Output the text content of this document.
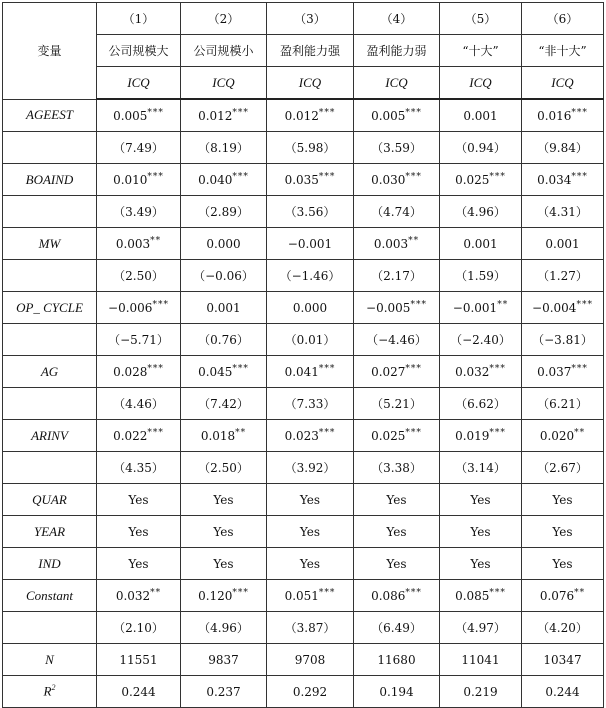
变量	（1）	（2）	（3）	（4）	（5）	（6）
	公司规模大	公司规模小	盈利能力强	盈利能力弱	“十大”	“非十大”
	ICQ	ICQ	ICQ	ICQ	ICQ	ICQ
AGEEST	0.005***	0.012***	0.012***	0.005***	0.001	0.016***
	（7.49）	（8.19）	（5.98）	（3.59）	（0.94）	（9.84）
BOAIND	0.010***	0.040***	0.035***	0.030***	0.025***	0.034***
	（3.49）	（2.89）	（3.56）	（4.74）	（4.96）	（4.31）
MW	0.003**	0.000	−0.001	0.003**	0.001	0.001
	（2.50）	（−0.06）	（−1.46）	（2.17）	（1.59）	（1.27）
OP_ CYCLE	−0.006***	0.001	0.000	−0.005***	−0.001**	−0.004***
	（−5.71）	（0.76）	（0.01）	（−4.46）	（−2.40）	（−3.81）
AG	0.028***	0.045***	0.041***	0.027***	0.032***	0.037***
	（4.46）	（7.42）	（7.33）	（5.21）	（6.62）	（6.21）
ARINV	0.022***	0.018**	0.023***	0.025***	0.019***	0.020**
	（4.35）	（2.50）	（3.92）	（3.38）	（3.14）	（2.67）
QUAR	Yes	Yes	Yes	Yes	Yes	Yes
YEAR	Yes	Yes	Yes	Yes	Yes	Yes
IND	Yes	Yes	Yes	Yes	Yes	Yes
Constant	0.032**	0.120***	0.051***	0.086***	0.085***	0.076**
	（2.10）	（4.96）	（3.87）	（6.49）	（4.97）	（4.20）
N	11551	9837	9708	11680	11041	10347
$R^2$	0.244	0.237	0.292	0.194	0.219	0.244
